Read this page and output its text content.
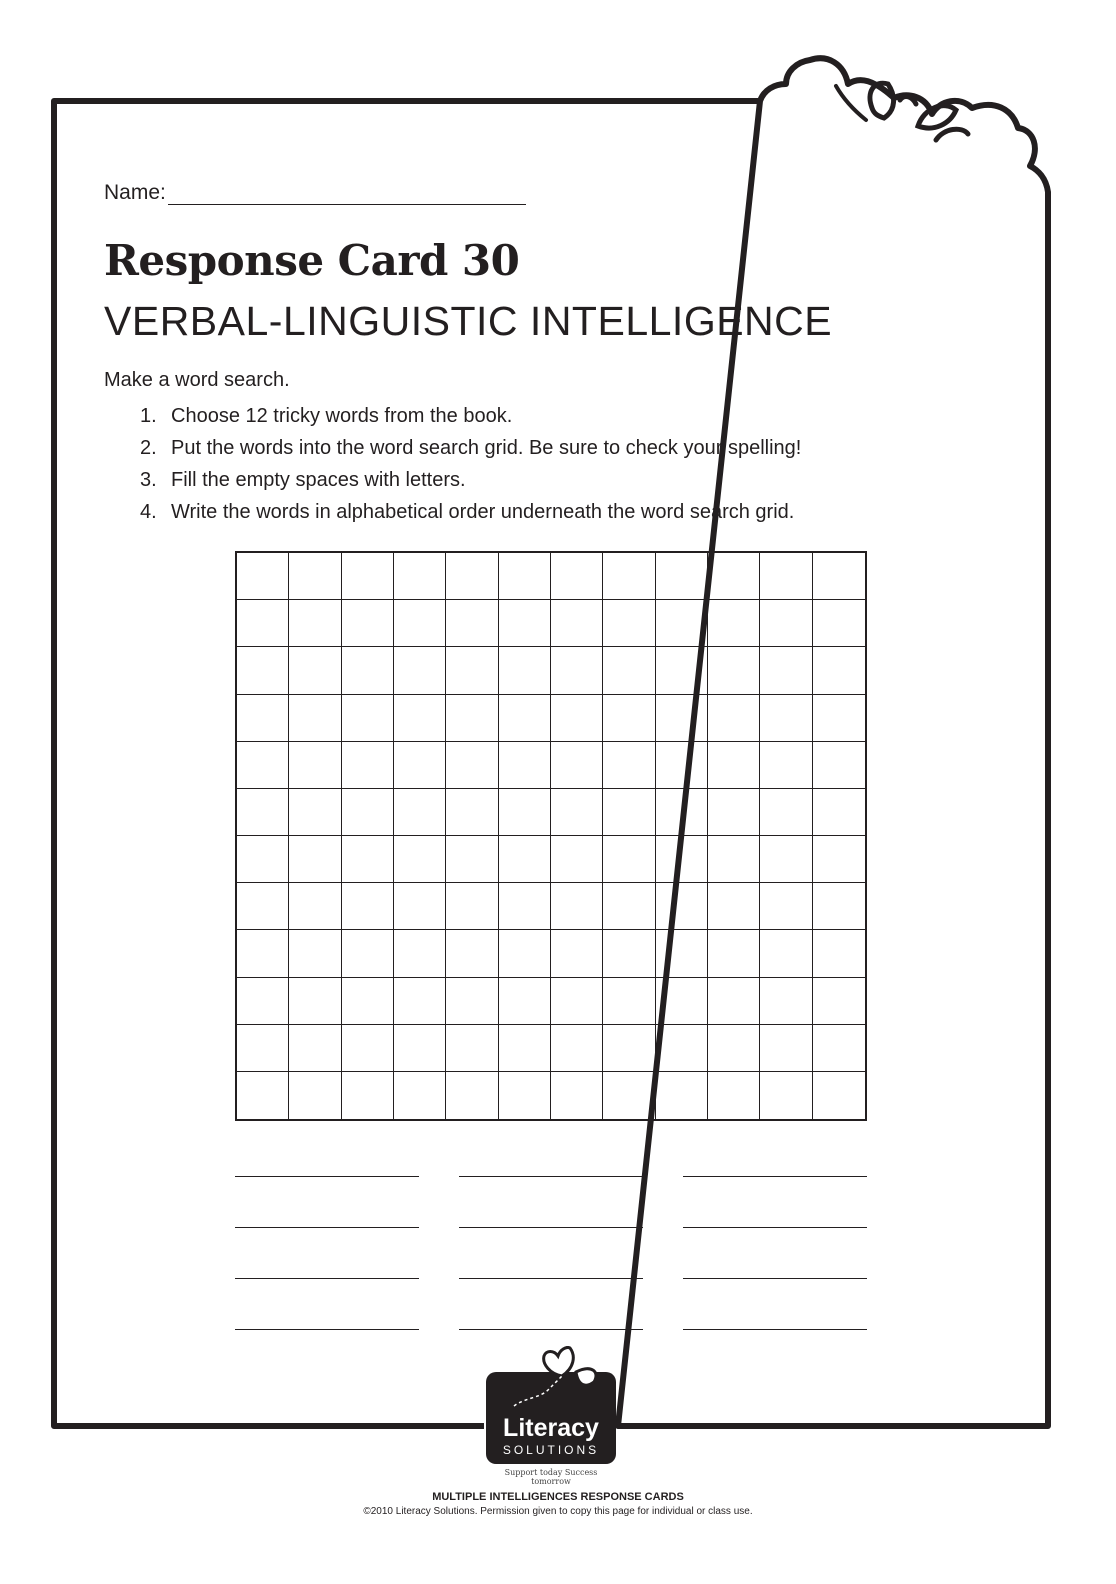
Name:
Response Card 30
VERBAL-LINGUISTIC INTELLIGENCE
Make a word search.
1. Choose 12 tricky words from the book.
2. Put the words into the word search grid. Be sure to check your spelling!
3. Fill the empty spaces with letters.
4. Write the words in alphabetical order underneath the word search grid.
Literacy
SOLUTIONS
Support today Success tomorrow
MULTIPLE INTELLIGENCES RESPONSE CARDS
©2010 Literacy Solutions. Permission given to copy this page for individual or class use.
